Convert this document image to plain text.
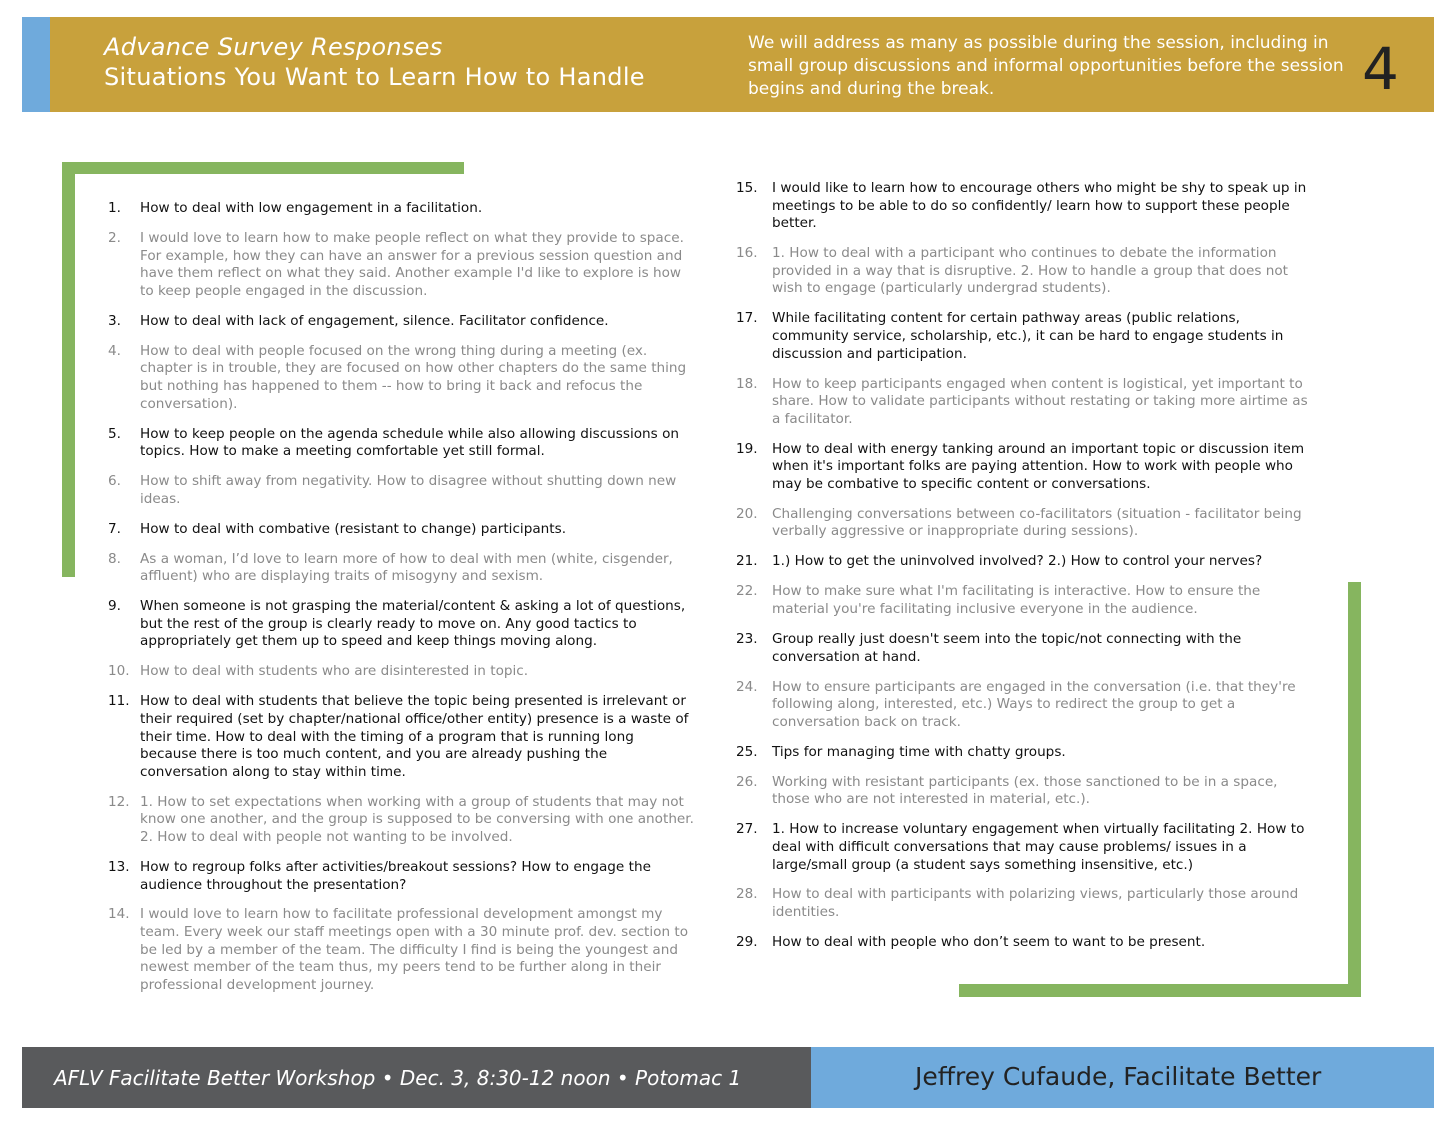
Advance Survey Responses
Situations You Want to Learn How to Handle
We will address as many as possible during the session, including in small group discussions and informal opportunities before the session begins and during the break.	4
1.	How to deal with low engagement in a facilitation.
2.	I would love to learn how to make people reflect on what they provide to space. For example, how they can have an answer for a previous session question and have them reflect on what they said. Another example I'd like to explore is how to keep people engaged in the discussion.
3.	How to deal with lack of engagement, silence. Facilitator confidence.
4.	How to deal with people focused on the wrong thing during a meeting (ex. chapter is in trouble, they are focused on how other chapters do the same thing but nothing has happened to them -- how to bring it back and refocus the conversation).
5.	How to keep people on the agenda schedule while also allowing discussions on topics. How to make a meeting comfortable yet still formal.
6.	How to shift away from negativity. How to disagree without shutting down new ideas.
7.	How to deal with combative (resistant to change) participants.
8.	As a woman, I’d love to learn more of how to deal with men (white, cisgender, affluent) who are displaying traits of misogyny and sexism.
9.	When someone is not grasping the material/content & asking a lot of questions, but the rest of the group is clearly ready to move on. Any good tactics to appropriately get them up to speed and keep things moving along.
10. How to deal with students who are disinterested in topic.
11. How to deal with students that believe the topic being presented is irrelevant or their required (set by chapter/national office/other entity) presence is a waste of their time. How to deal with the timing of a program that is running long because there is too much content, and you are already pushing the conversation along to stay within time.
12. 1. How to set expectations when working with a group of students that may not know one another, and the group is supposed to be conversing with one another. 2. How to deal with people not wanting to be involved.
13. How to regroup folks after activities/breakout sessions? How to engage the audience throughout the presentation?
14. I would love to learn how to facilitate professional development amongst my team. Every week our staff meetings open with a 30 minute prof. dev. section to be led by a member of the team. The difficulty I find is being the youngest and newest member of the team thus, my peers tend to be further along in their professional development journey.
15.	I would like to learn how to encourage others who might be shy to speak up in meetings to be able to do so confidently/ learn how to support these people better.
16.	1. How to deal with a participant who continues to debate the information provided in a way that is disruptive. 2. How to handle a group that does not wish to engage (particularly undergrad students).
17.	While facilitating content for certain pathway areas (public relations, community service, scholarship, etc.), it can be hard to engage students in discussion and participation.
18.	How to keep participants engaged when content is logistical, yet important to share. How to validate participants without restating or taking more airtime as a facilitator.
19.	How to deal with energy tanking around an important topic or discussion item when it's important folks are paying attention. How to work with people who may be combative to specific content or conversations.
20.	Challenging conversations between co-facilitators (situation - facilitator being verbally aggressive or inappropriate during sessions).
21.	1.) How to get the uninvolved involved? 2.) How to control your nerves?
22.	How to make sure what I'm facilitating is interactive. How to ensure the material you're facilitating inclusive everyone in the audience.
23.	Group really just doesn't seem into the topic/not connecting with the conversation at hand.
24.	How to ensure participants are engaged in the conversation (i.e. that they're following along, interested, etc.) Ways to redirect the group to get a conversation back on track.
25.	Tips for managing time with chatty groups.
26.	Working with resistant participants (ex. those sanctioned to be in a space, those who are not interested in material, etc.).
27.	1. How to increase voluntary engagement when virtually facilitating 2. How to deal with difficult conversations that may cause problems/ issues in a large/small group (a student says something insensitive, etc.)
28.	How to deal with participants with polarizing views, particularly those around identities.
29.	How to deal with people who don’t seem to want to be present.
AFLV Facilitate Better Workshop • Dec. 3, 8:30-12 noon • Potomac 1	Jeffrey Cufaude, Facilitate Better
